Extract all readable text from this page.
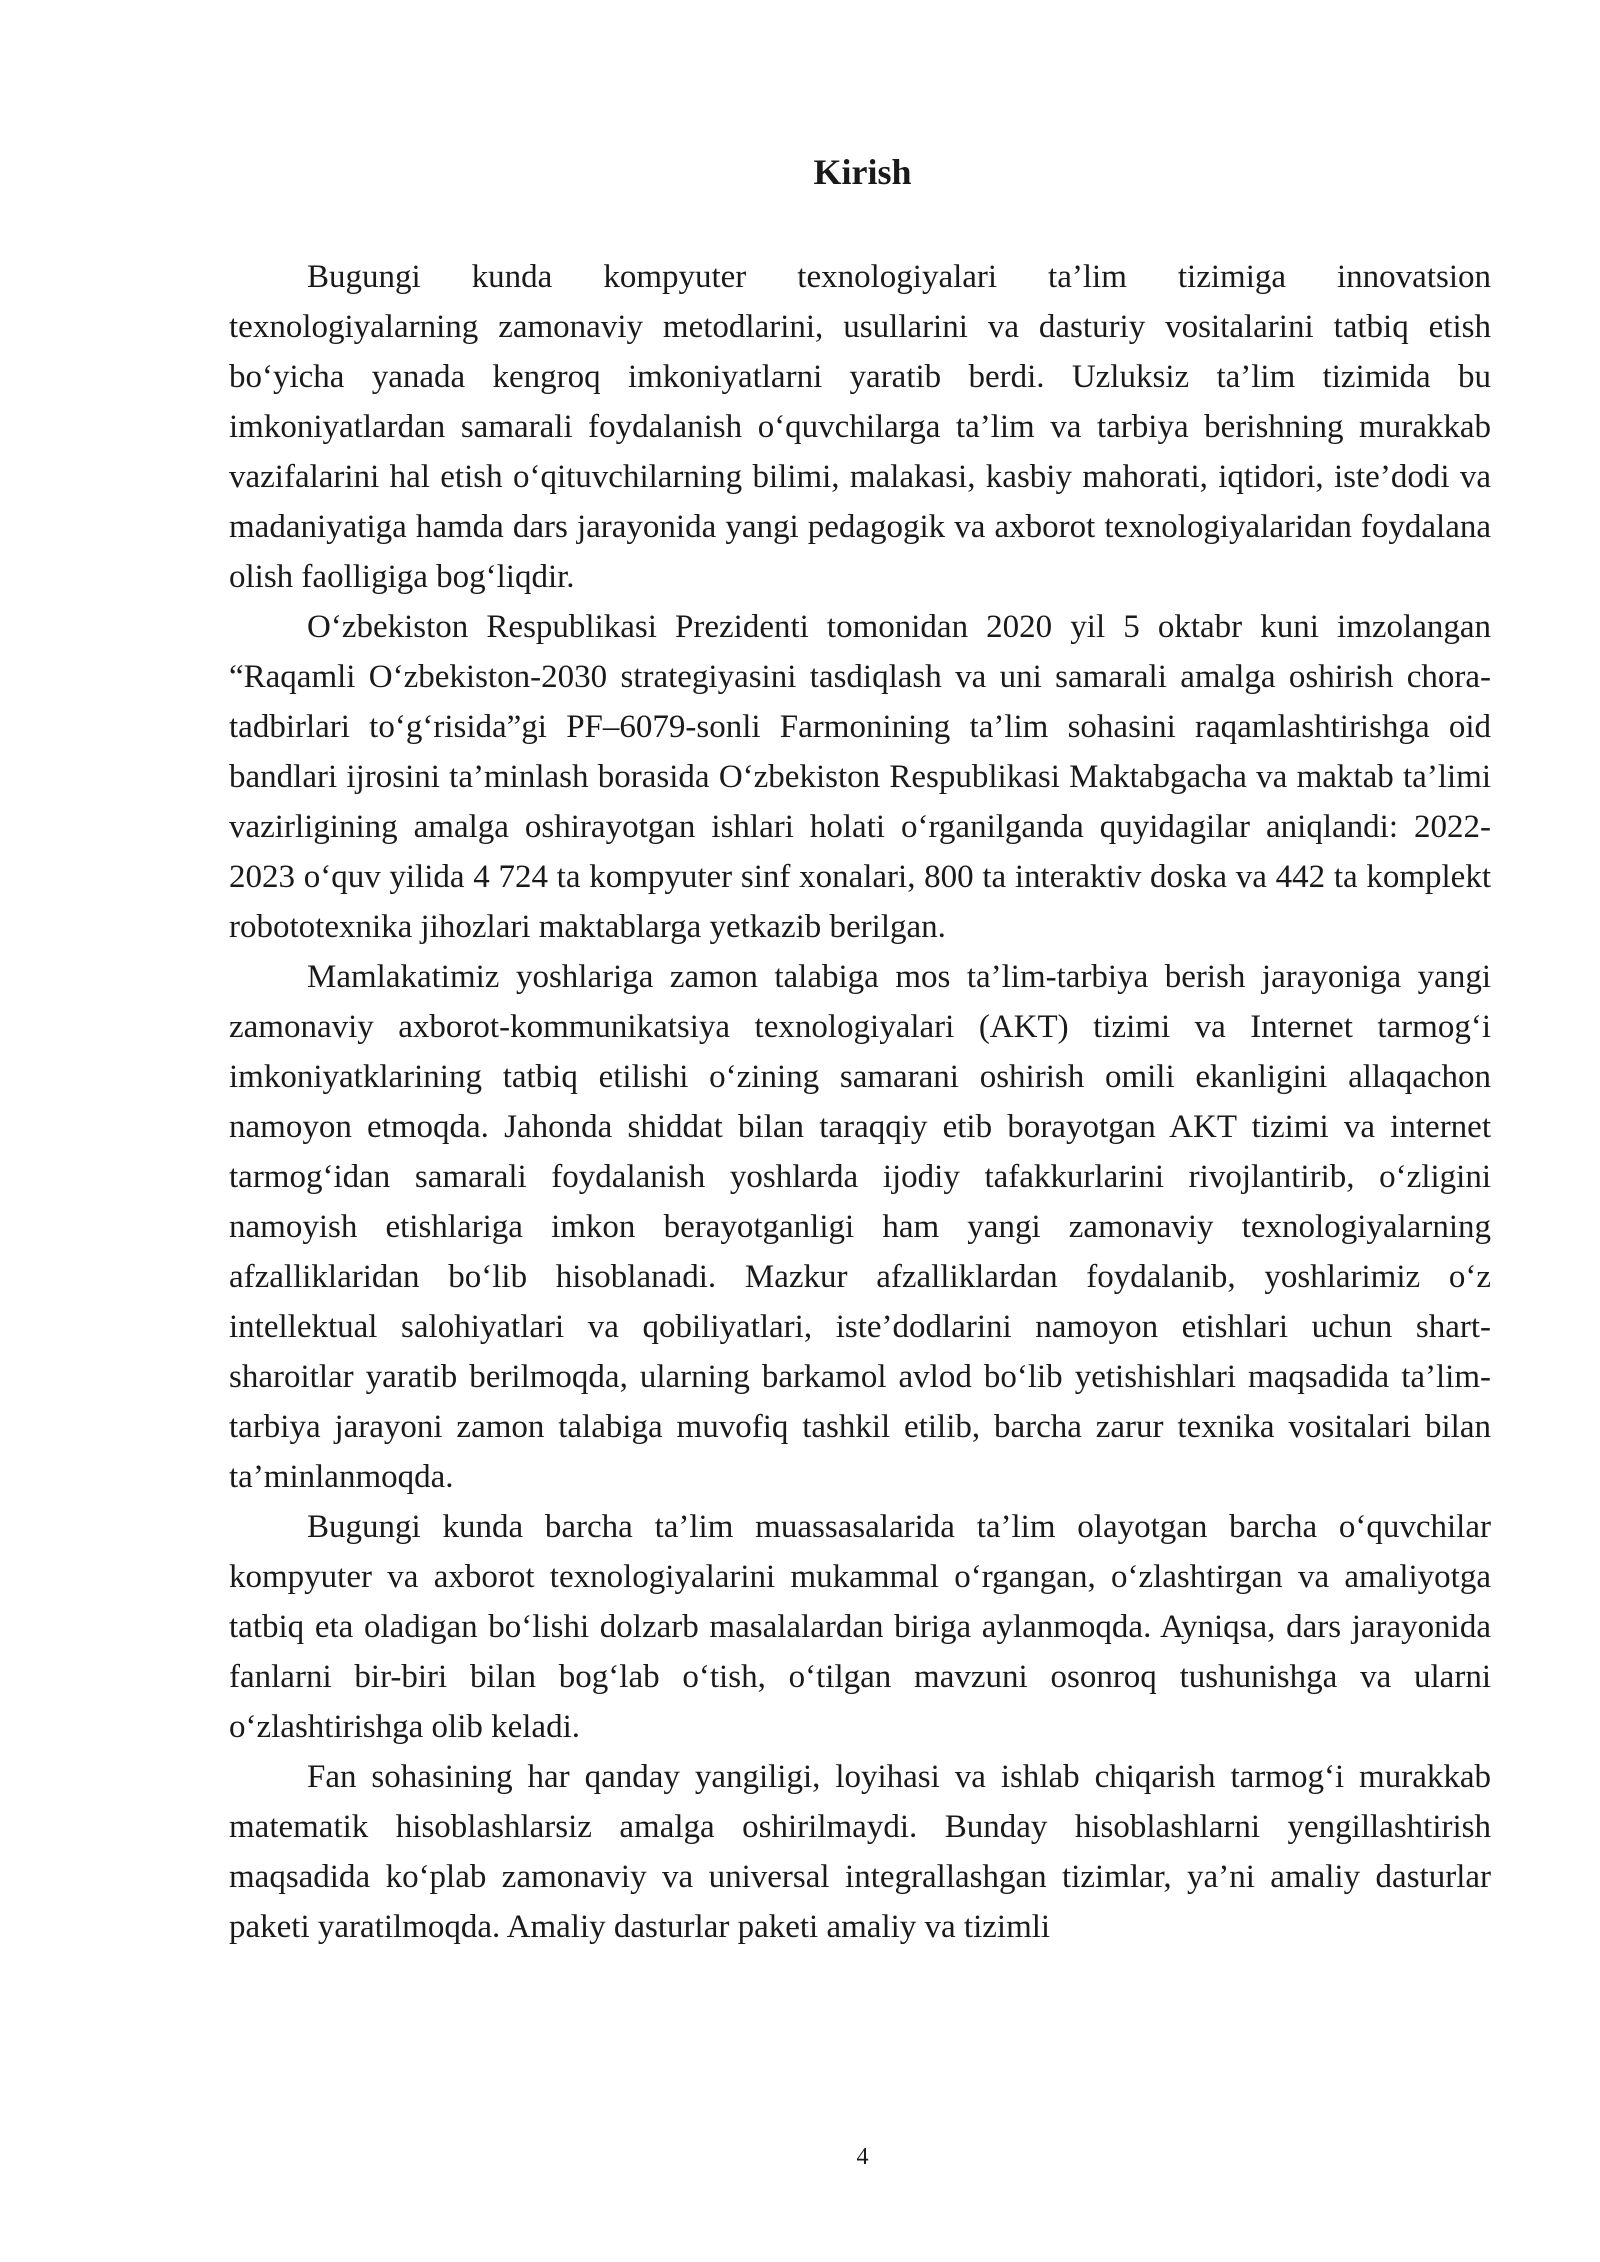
Kirish

Bugungi kunda kompyuter texnologiyalari ta’lim tizimiga innovatsion texnologiyalarning zamonaviy metodlarini, usullarini va dasturiy vositalarini tatbiq etish bo‘yicha yanada kengroq imkoniyatlarni yaratib berdi. Uzluksiz ta’lim tizimida bu imkoniyatlardan samarali foydalanish o‘quvchilarga ta’lim va tarbiya berishning murakkab vazifalarini hal etish o‘qituvchilarning bilimi, malakasi, kasbiy mahorati, iqtidori, iste’dodi va madaniyatiga hamda dars jarayonida yangi pedagogik va axborot texnologiyalaridan foydalana olish faolligiga bog‘liqdir.

O‘zbekiston Respublikasi Prezidenti tomonidan 2020 yil 5 oktabr kuni imzolangan “Raqamli O‘zbekiston-2030 strategiyasini tasdiqlash va uni samarali amalga oshirish chora-tadbirlari to‘g‘risida”gi PF–6079-sonli Farmonining ta’lim sohasini raqamlashtirishga oid bandlari ijrosini ta’minlash borasida O‘zbekiston Respublikasi Maktabgacha va maktab ta’limi vazirligining amalga oshirayotgan ishlari holati o‘rganilganda quyidagilar aniqlandi: 2022-2023 o‘quv yilida 4 724 ta kompyuter sinf xonalari, 800 ta interaktiv doska va 442 ta komplekt robototexnika jihozlari maktablarga yetkazib berilgan.

Mamlakatimiz yoshlariga zamon talabiga mos ta’lim-tarbiya berish jarayoniga yangi zamonaviy axborot-kommunikatsiya texnologiyalari (AKT) tizimi va Internet tarmog‘i imkoniyatklarining tatbiq etilishi o‘zining samarani oshirish omili ekanligini allaqachon namoyon etmoqda. Jahonda shiddat bilan taraqqiy etib borayotgan AKT tizimi va internet tarmog‘idan samarali foydalanish yoshlarda ijodiy tafakkurlarini rivojlantirib, o‘zligini namoyish etishlariga imkon berayotganligi ham yangi zamonaviy texnologiyalarning afzalliklaridan bo‘lib hisoblanadi. Mazkur afzalliklardan foydalanib, yoshlarimiz o‘z intellektual salohiyatlari va qobiliyatlari, iste’dodlarini namoyon etishlari uchun shart-sharoitlar yaratib berilmoqda, ularning barkamol avlod bo‘lib yetishishlari maqsadida ta’lim-tarbiya jarayoni zamon talabiga muvofiq tashkil etilib, barcha zarur texnika vositalari bilan ta’minlanmoqda.

Bugungi kunda barcha ta’lim muassasalarida ta’lim olayotgan barcha o‘quvchilar kompyuter va axborot texnologiyalarini mukammal o‘rgangan, o‘zlashtirgan va amaliyotga tatbiq eta oladigan bo‘lishi dolzarb masalalardan biriga aylanmoqda. Ayniqsa, dars jarayonida fanlarni bir-biri bilan bog‘lab o‘tish, o‘tilgan mavzuni osonroq tushunishga va ularni o‘zlashtirishga olib keladi.

Fan sohasining har qanday yangiligi, loyihasi va ishlab chiqarish tarmog‘i murakkab matematik hisoblashlarsiz amalga oshirilmaydi. Bunday hisoblashlarni yengillashtirish maqsadida ko‘plab zamonaviy va universal integrallashgan tizimlar, ya’ni amaliy dasturlar paketi yaratilmoqda. Amaliy dasturlar paketi amaliy va tizimli

4
